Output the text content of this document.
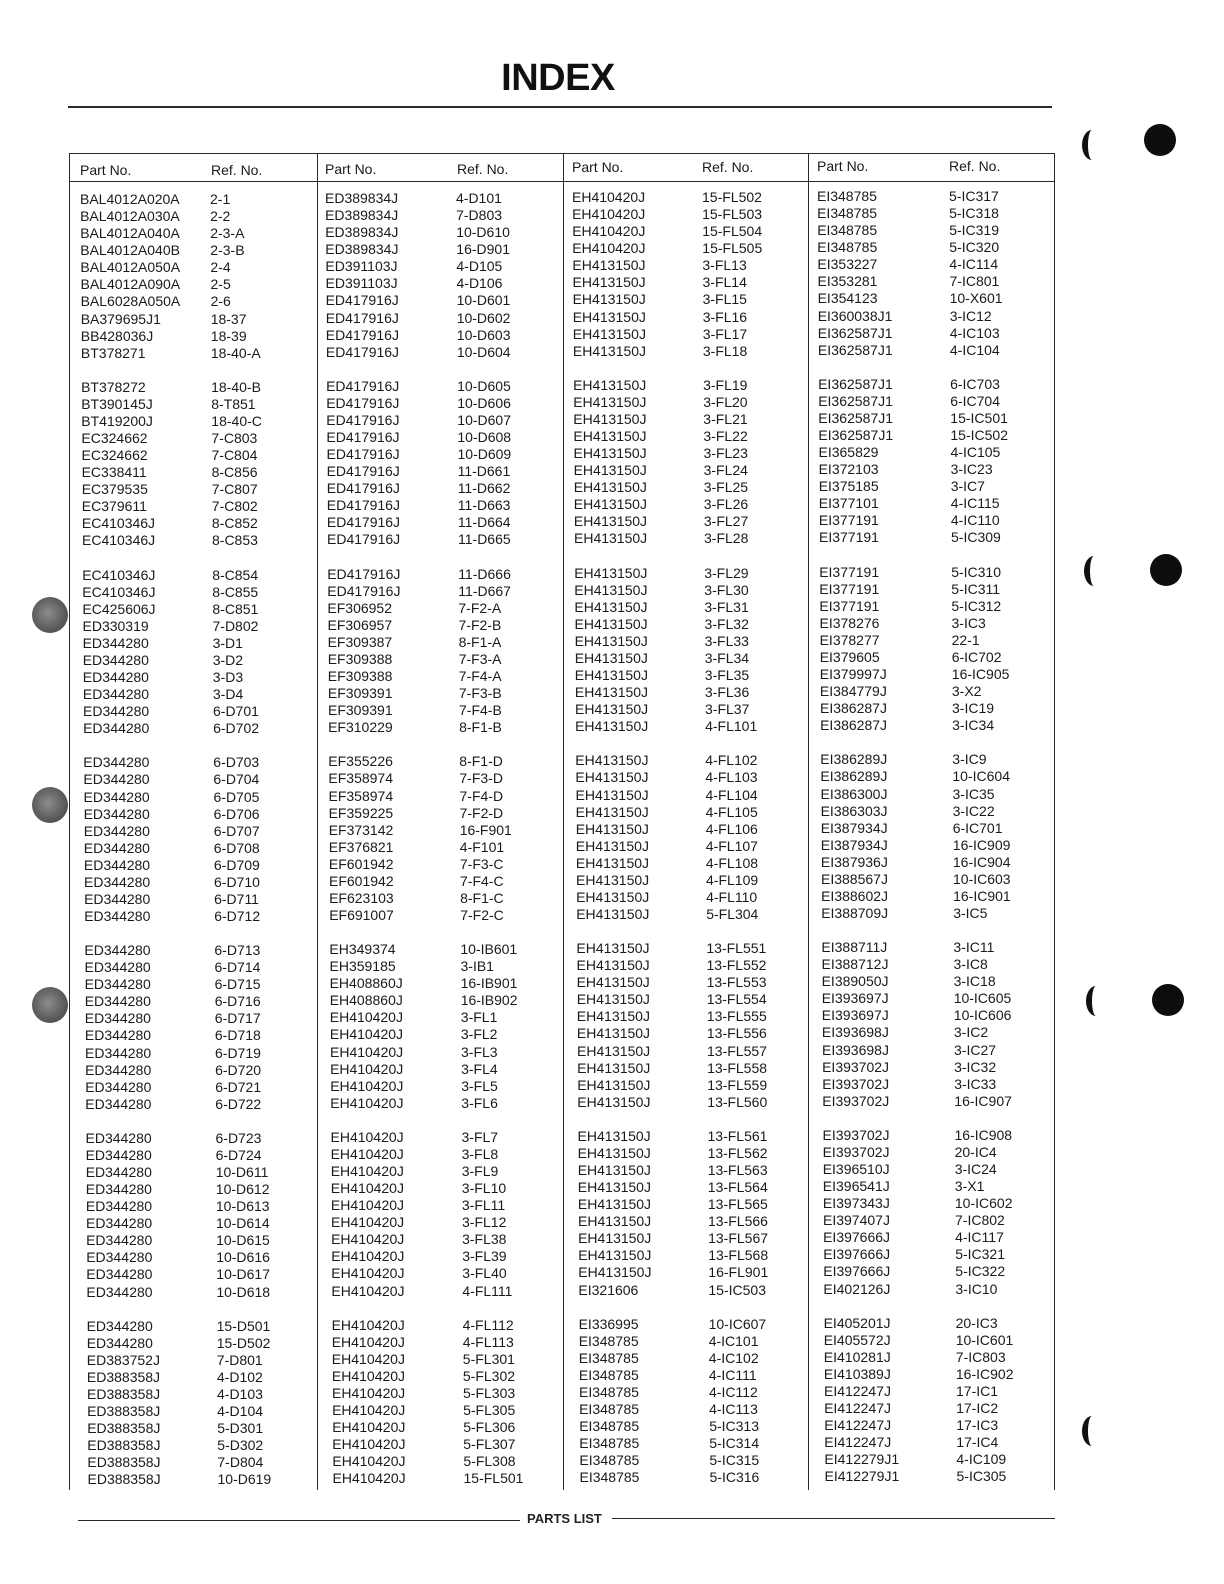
INDEX
Part No.	Ref. No.	Part No.	Ref. No.	Part No.	Ref. No.	Part No.	Ref. No.
BAL4012A020A 2-1
BAL4012A030A 2-2
BAL4012A040A 2-3-A
BAL4012A040B 2-3-B
BAL4012A050A 2-4
BAL4012A090A 2-5
BAL6028A050A 2-6
BA379695J1	18-37
BB428036J	18-39
BT378271	18-40-A
BT378272	18-40-B
BT390145J	8-T851
BT419200J	18-40-C
EC324662	7-C803
EC324662	7-C804
EC338411	8-C856
EC379535	7-C807
EC379611	7-C802
EC410346J	8-C852
EC410346J	8-C853
EC410346J	8-C854
EC410346J	8-C855
EC425606J	8-C851
ED330319	7-D802
ED344280	3-D1
ED344280	3-D2
ED344280	3-D3
ED344280	3-D4
ED344280	6-D701
ED344280	6-D702
ED344280	6-D703
ED344280	6-D704
ED344280	6-D705
ED344280	6-D706
ED344280	6-D707
ED344280	6-D708
ED344280	6-D709
ED344280	6-D710
ED344280	6-D711
ED344280	6-D712
ED344280	6-D713
ED344280	6-D714
ED344280	6-D715
ED344280	6-D716
ED344280	6-D717
ED344280	6-D718
ED344280	6-D719
ED344280	6-D720
ED344280	6-D721
ED344280	6-D722
ED344280	6-D723
ED344280	6-D724
ED344280	10-D611
ED344280	10-D612
ED344280	10-D613
ED344280	10-D614
ED344280	10-D615
ED344280	10-D616
ED344280	10-D617
ED344280	10-D618
ED344280	15-D501
ED344280	15-D502
ED383752J	7-D801
ED388358J	4-D102
ED388358J	4-D103
ED388358J	4-D104
ED388358J	5-D301
ED388358J	5-D302
ED388358J	7-D804
ED388358J	10-D619
ED389834J	4-D101
ED389834J	7-D803
ED389834J	10-D610
ED389834J	16-D901
ED391103J	4-D105
ED391103J	4-D106
ED417916J	10-D601
ED417916J	10-D602
ED417916J	10-D603
ED417916J	10-D604
ED417916J	10-D605
ED417916J	10-D606
ED417916J	10-D607
ED417916J	10-D608
ED417916J	10-D609
ED417916J	11-D661
ED417916J	11-D662
ED417916J	11-D663
ED417916J	11-D664
ED417916J	11-D665
ED417916J	11-D666
ED417916J	11-D667
EF306952	7-F2-A
EF306957	7-F2-B
EF309387	8-F1-A
EF309388	7-F3-A
EF309388	7-F4-A
EF309391	7-F3-B
EF309391	7-F4-B
EF310229	8-F1-B
EF355226	8-F1-D
EF358974	7-F3-D
EF358974	7-F4-D
EF359225	7-F2-D
EF373142	16-F901
EF376821	4-F101
EF601942	7-F3-C
EF601942	7-F4-C
EF623103	8-F1-C
EF691007	7-F2-C
EH349374	10-IB601
EH359185	3-IB1
EH408860J	16-IB901
EH408860J	16-IB902
EH410420J	3-FL1
EH410420J	3-FL2
EH410420J	3-FL3
EH410420J	3-FL4
EH410420J	3-FL5
EH410420J	3-FL6
EH410420J	3-FL7
EH410420J	3-FL8
EH410420J	3-FL9
EH410420J	3-FL10
EH410420J	3-FL11
EH410420J	3-FL12
EH410420J	3-FL38
EH410420J	3-FL39
EH410420J	3-FL40
EH410420J	4-FL111
EH410420J	4-FL112
EH410420J	4-FL113
EH410420J	5-FL301
EH410420J	5-FL302
EH410420J	5-FL303
EH410420J	5-FL305
EH410420J	5-FL306
EH410420J	5-FL307
EH410420J	5-FL308
EH410420J	15-FL501
EH410420J	15-FL502
EH410420J	15-FL503
EH410420J	15-FL504
EH410420J	15-FL505
EH413150J	3-FL13
EH413150J	3-FL14
EH413150J	3-FL15
EH413150J	3-FL16
EH413150J	3-FL17
EH413150J	3-FL18
EH413150J	3-FL19
EH413150J	3-FL20
EH413150J	3-FL21
EH413150J	3-FL22
EH413150J	3-FL23
EH413150J	3-FL24
EH413150J	3-FL25
EH413150J	3-FL26
EH413150J	3-FL27
EH413150J	3-FL28
EH413150J	3-FL29
EH413150J	3-FL30
EH413150J	3-FL31
EH413150J	3-FL32
EH413150J	3-FL33
EH413150J	3-FL34
EH413150J	3-FL35
EH413150J	3-FL36
EH413150J	3-FL37
EH413150J	4-FL101
EH413150J	4-FL102
EH413150J	4-FL103
EH413150J	4-FL104
EH413150J	4-FL105
EH413150J	4-FL106
EH413150J	4-FL107
EH413150J	4-FL108
EH413150J	4-FL109
EH413150J	4-FL110
EH413150J	5-FL304
EH413150J	13-FL551
EH413150J	13-FL552
EH413150J	13-FL553
EH413150J	13-FL554
EH413150J	13-FL555
EH413150J	13-FL556
EH413150J	13-FL557
EH413150J	13-FL558
EH413150J	13-FL559
EH413150J	13-FL560
EH413150J	13-FL561
EH413150J	13-FL562
EH413150J	13-FL563
EH413150J	13-FL564
EH413150J	13-FL565
EH413150J	13-FL566
EH413150J	13-FL567
EH413150J	13-FL568
EH413150J	16-FL901
EI321606	15-IC503
EI336995	10-IC607
EI348785	4-IC101
EI348785	4-IC102
EI348785	4-IC111
EI348785	4-IC112
EI348785	4-IC113
EI348785	5-IC313
EI348785	5-IC314
EI348785	5-IC315
EI348785	5-IC316
EI348785	5-IC317
EI348785	5-IC318
EI348785	5-IC319
EI348785	5-IC320
EI353227	4-IC114
EI353281	7-IC801
EI354123	10-X601
EI360038J1	3-IC12
EI362587J1	4-IC103
EI362587J1	4-IC104
EI362587J1	6-IC703
EI362587J1	6-IC704
EI362587J1	15-IC501
EI362587J1	15-IC502
EI365829	4-IC105
EI372103	3-IC23
EI375185	3-IC7
EI377101	4-IC115
EI377191	4-IC110
EI377191	5-IC309
EI377191	5-IC310
EI377191	5-IC311
EI377191	5-IC312
EI378276	3-IC3
EI378277	22-1
EI379605	6-IC702
EI379997J	16-IC905
EI384779J	3-X2
EI386287J	3-IC19
EI386287J	3-IC34
EI386289J	3-IC9
EI386289J	10-IC604
EI386300J	3-IC35
EI386303J	3-IC22
EI387934J	6-IC701
EI387934J	16-IC909
EI387936J	16-IC904
EI388567J	10-IC603
EI388602J	16-IC901
EI388709J	3-IC5
EI388711J	3-IC11
EI388712J	3-IC8
EI389050J	3-IC18
EI393697J	10-IC605
EI393697J	10-IC606
EI393698J	3-IC2
EI393698J	3-IC27
EI393702J	3-IC32
EI393702J	3-IC33
EI393702J	16-IC907
EI393702J	16-IC908
EI393702J	20-IC4
EI396510J	3-IC24
EI396541J	3-X1
EI397343J	10-IC602
EI397407J	7-IC802
EI397666J	4-IC117
EI397666J	5-IC321
EI397666J	5-IC322
EI402126J	3-IC10
EI405201J	20-IC3
EI405572J	10-IC601
EI410281J	7-IC803
EI410389J	16-IC902
EI412247J	17-IC1
EI412247J	17-IC2
EI412247J	17-IC3
EI412247J	17-IC4
EI412279J1	4-IC109
EI412279J1	5-IC305
PARTS LIST
